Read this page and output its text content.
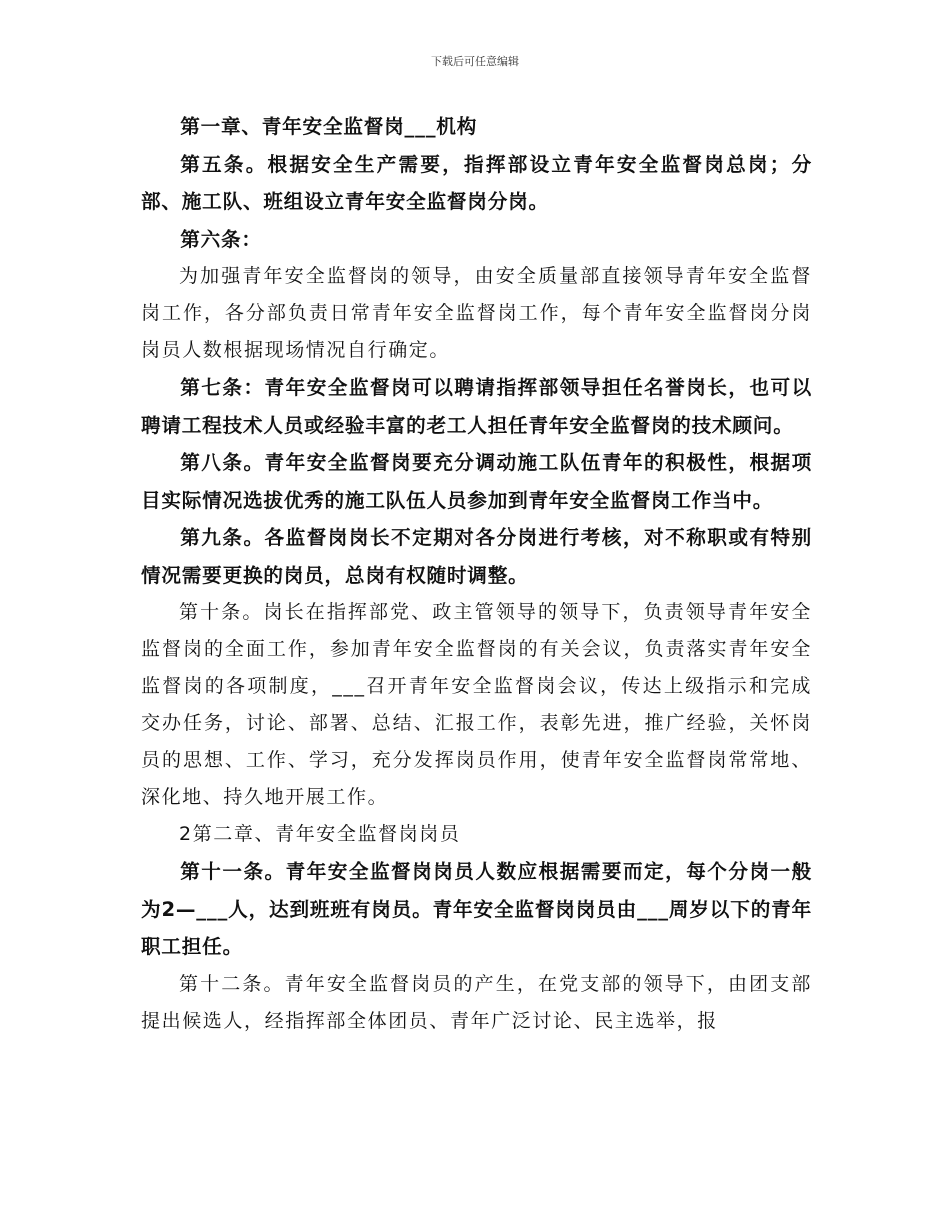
下载后可任意编辑

第一章、青年安全监督岗___机构

第五条。根据安全生产需要，指挥部设立青年安全监督岗总岗；分部、施工队、班组设立青年安全监督岗分岗。

第六条：

为加强青年安全监督岗的领导，由安全质量部直接领导青年安全监督岗工作，各分部负责日常青年安全监督岗工作，每个青年安全监督岗分岗岗员人数根据现场情况自行确定。

第七条：青年安全监督岗可以聘请指挥部领导担任名誉岗长，也可以聘请工程技术人员或经验丰富的老工人担任青年安全监督岗的技术顾问。

第八条。青年安全监督岗要充分调动施工队伍青年的积极性，根据项目实际情况选拔优秀的施工队伍人员参加到青年安全监督岗工作当中。

第九条。各监督岗岗长不定期对各分岗进行考核，对不称职或有特别情况需要更换的岗员，总岗有权随时调整。

第十条。岗长在指挥部党、政主管领导的领导下，负责领导青年安全监督岗的全面工作，参加青年安全监督岗的有关会议，负责落实青年安全监督岗的各项制度，___召开青年安全监督岗会议，传达上级指示和完成交办任务，讨论、部署、总结、汇报工作，表彰先进，推广经验，关怀岗员的思想、工作、学习，充分发挥岗员作用，使青年安全监督岗常常地、深化地、持久地开展工作。

2第二章、青年安全监督岗岗员

第十一条。青年安全监督岗岗员人数应根据需要而定，每个分岗一般为2—___人，达到班班有岗员。青年安全监督岗岗员由___周岁以下的青年职工担任。

第十二条。青年安全监督岗员的产生，在党支部的领导下，由团支部提出候选人，经指挥部全体团员、青年广泛讨论、民主选举，报
